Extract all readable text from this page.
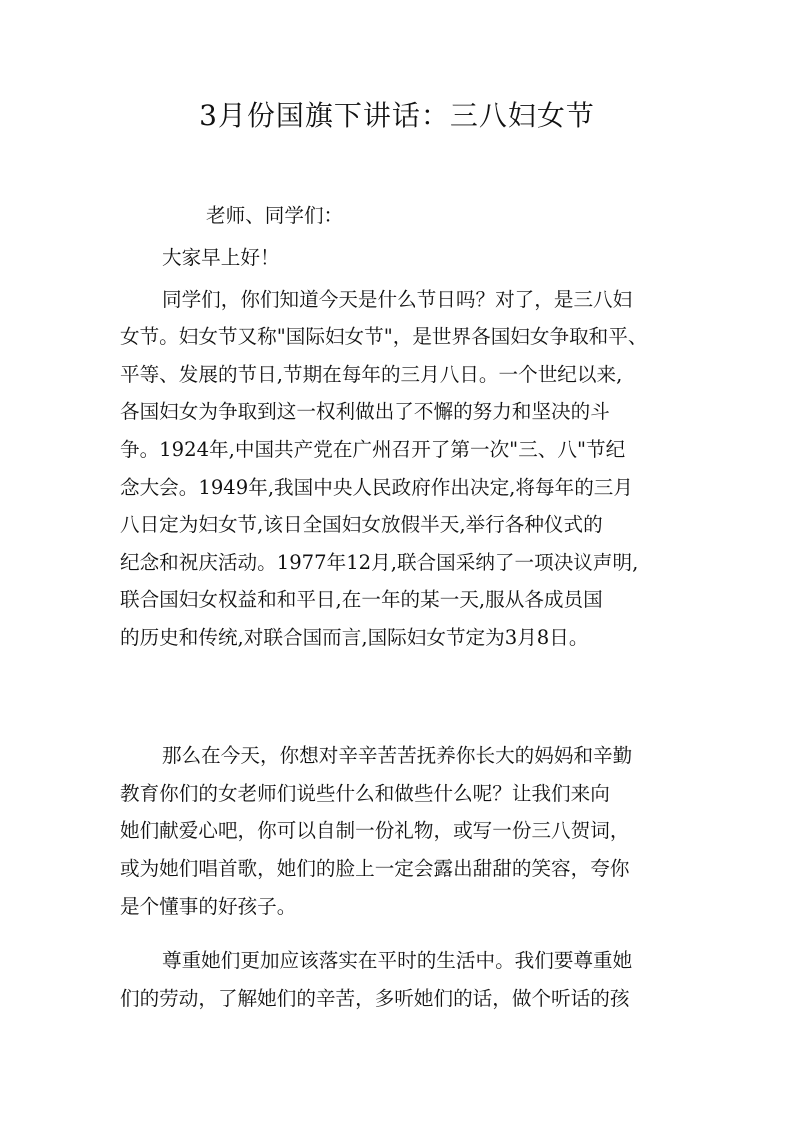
3月份国旗下讲话：三八妇女节
老师、同学们：
大家早上好！
同学们，你们知道今天是什么节日吗？对了，是三八妇
女节。妇女节又称"国际妇女节"，是世界各国妇女争取和平、
平等、发展的节日,节期在每年的三月八日。一个世纪以来,
各国妇女为争取到这一权利做出了不懈的努力和坚决的斗
争。1924年,中国共产党在广州召开了第一次"三、八"节纪
念大会。1949年,我国中央人民政府作出决定,将每年的三月
八日定为妇女节,该日全国妇女放假半天,举行各种仪式的
纪念和祝庆活动。1977年12月,联合国采纳了一项决议声明,
联合国妇女权益和和平日,在一年的某一天,服从各成员国
的历史和传统,对联合国而言,国际妇女节定为3月8日。
那么在今天，你想对辛辛苦苦抚养你长大的妈妈和辛勤
教育你们的女老师们说些什么和做些什么呢？让我们来向
她们献爱心吧，你可以自制一份礼物，或写一份三八贺词，
或为她们唱首歌，她们的脸上一定会露出甜甜的笑容，夸你
是个懂事的好孩子。
尊重她们更加应该落实在平时的生活中。我们要尊重她
们的劳动，了解她们的辛苦，多听她们的话，做个听话的孩
